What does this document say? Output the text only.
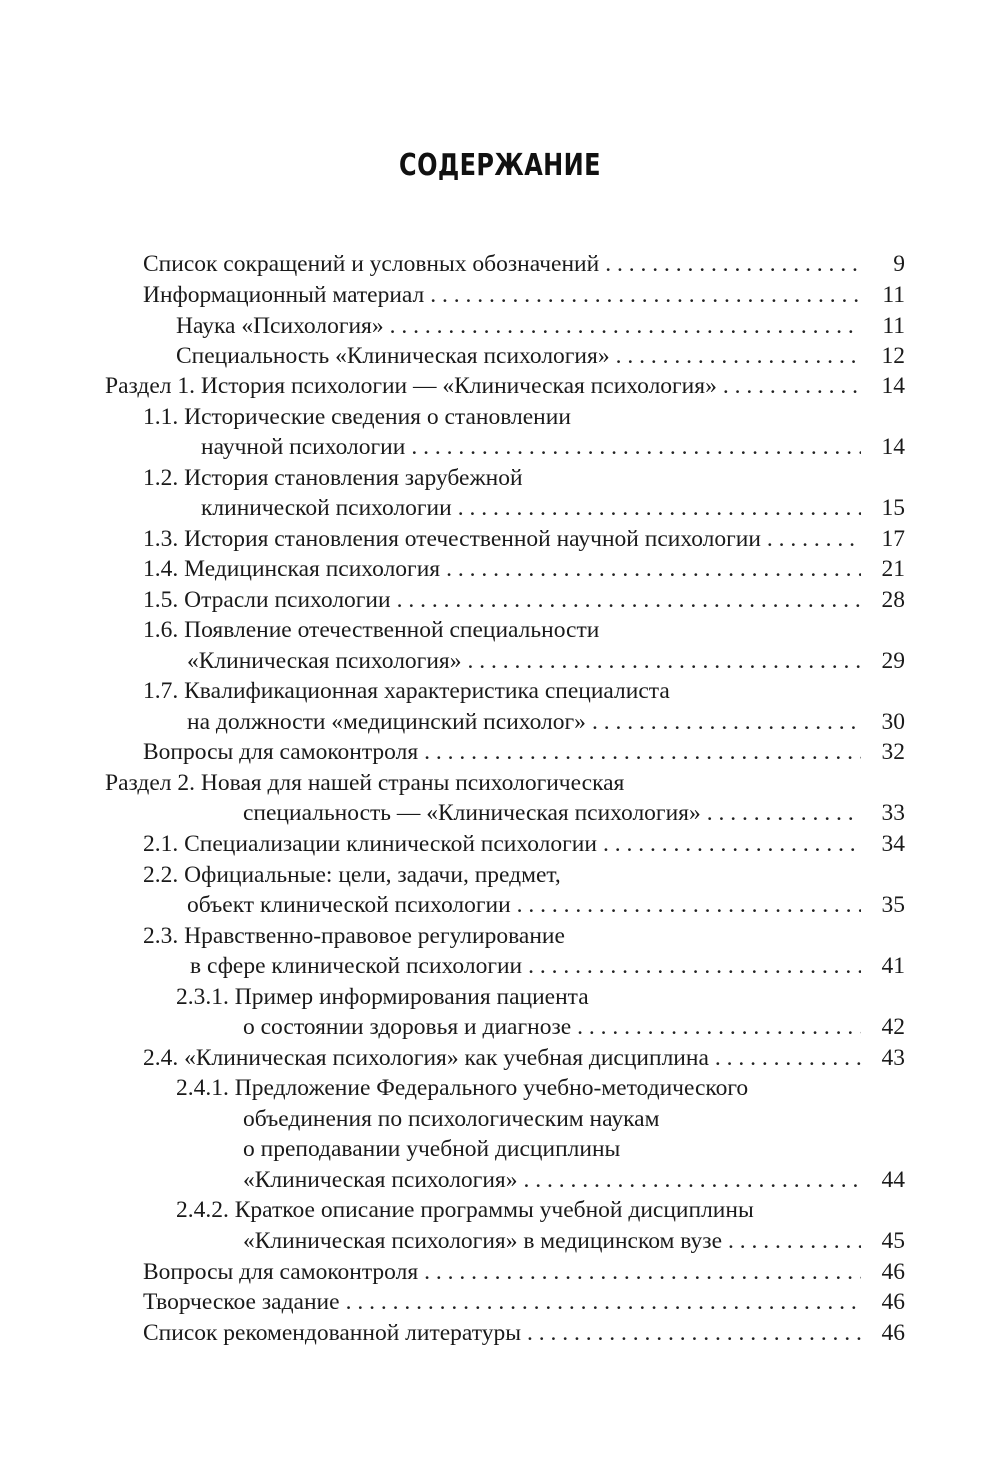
СОДЕРЖАНИЕ
Список сокращений и условных обозначений . . .	9
Информационный материал . . .	11
Наука «Психология» . . .	11
Специальность «Клиническая психология» . . .	12
Раздел 1. История психологии — «Клиническая психология» . . .	14
1.1. Исторические сведения о становлении
научной психологии . . .	14
1.2. История становления зарубежной
клинической психологии . . .	15
1.3. История становления отечественной научной психологии . . .	17
1.4. Медицинская психология . . .	21
1.5. Отрасли психологии . . .	28
1.6. Появление отечественной специальности
«Клиническая психология» . . .	29
1.7. Квалификационная характеристика специалиста
на должности «медицинский психолог» . . .	30
Вопросы для самоконтроля . . .	32
Раздел 2. Новая для нашей страны психологическая
специальность — «Клиническая психология» . . .	33
2.1. Специализации клинической психологии . . .	34
2.2. Официальные: цели, задачи, предмет,
объект клинической психологии . . .	35
2.3. Нравственно-правовое регулирование
в сфере клинической психологии . . .	41
2.3.1. Пример информирования пациента
о состоянии здоровья и диагнозе . . .	42
2.4. «Клиническая психология» как учебная дисциплина . . .	43
2.4.1. Предложение Федерального учебно-методического
объединения по психологическим наукам
о преподавании учебной дисциплины
«Клиническая психология» . . .	44
2.4.2. Краткое описание программы учебной дисциплины
«Клиническая психология» в медицинском вузе . . .	45
Вопросы для самоконтроля . . .	46
Творческое задание . . .	46
Список рекомендованной литературы . . .	46
